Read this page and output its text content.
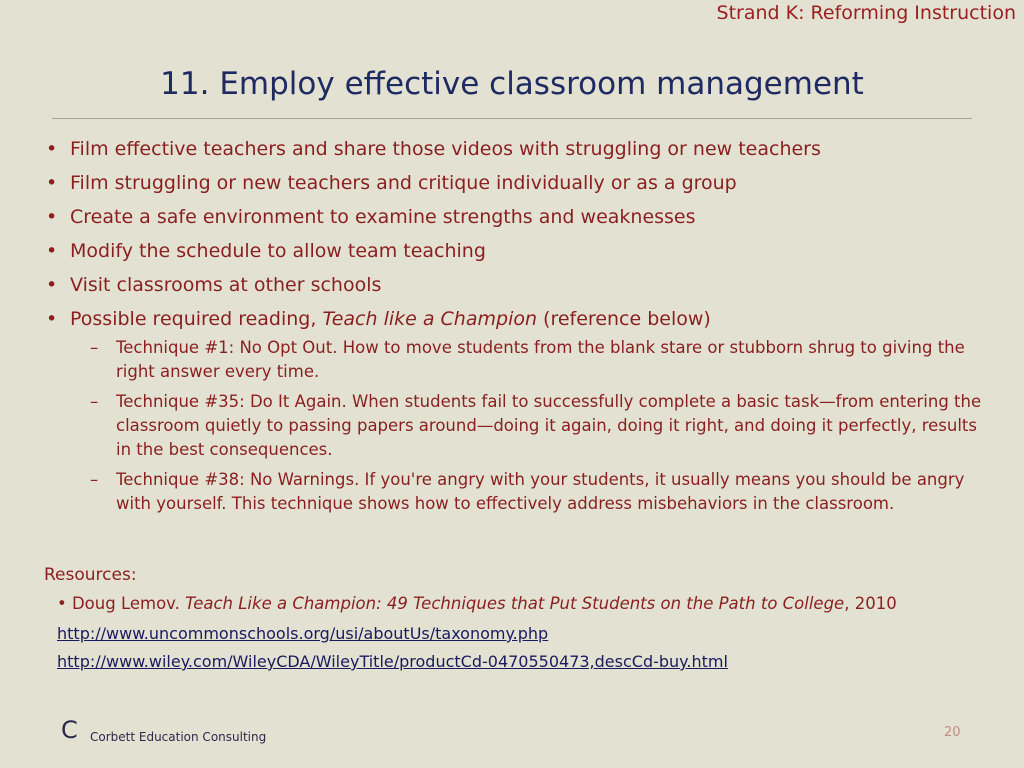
Strand K: Reforming Instruction
11. Employ effective classroom management
• Film effective teachers and share those videos with struggling or new teachers
• Film struggling or new teachers and critique individually or as a group
• Create a safe environment to examine strengths and weaknesses
• Modify the schedule to allow team teaching
• Visit classrooms at other schools
• Possible required reading, Teach like a Champion (reference below)
– Technique #1: No Opt Out. How to move students from the blank stare or stubborn shrug to giving the right answer every time.
– Technique #35: Do It Again. When students fail to successfully complete a basic task—from entering the classroom quietly to passing papers around—doing it again, doing it right, and doing it perfectly, results in the best consequences.
– Technique #38: No Warnings. If you're angry with your students, it usually means you should be angry with yourself. This technique shows how to effectively address misbehaviors in the classroom.
Resources:
• Doug Lemov. Teach Like a Champion: 49 Techniques that Put Students on the Path to College, 2010
http://www.uncommonschools.org/usi/aboutUs/taxonomy.php
http://www.wiley.com/WileyCDA/WileyTitle/productCd-0470550473,descCd-buy.html
C Corbett Education Consulting	20
